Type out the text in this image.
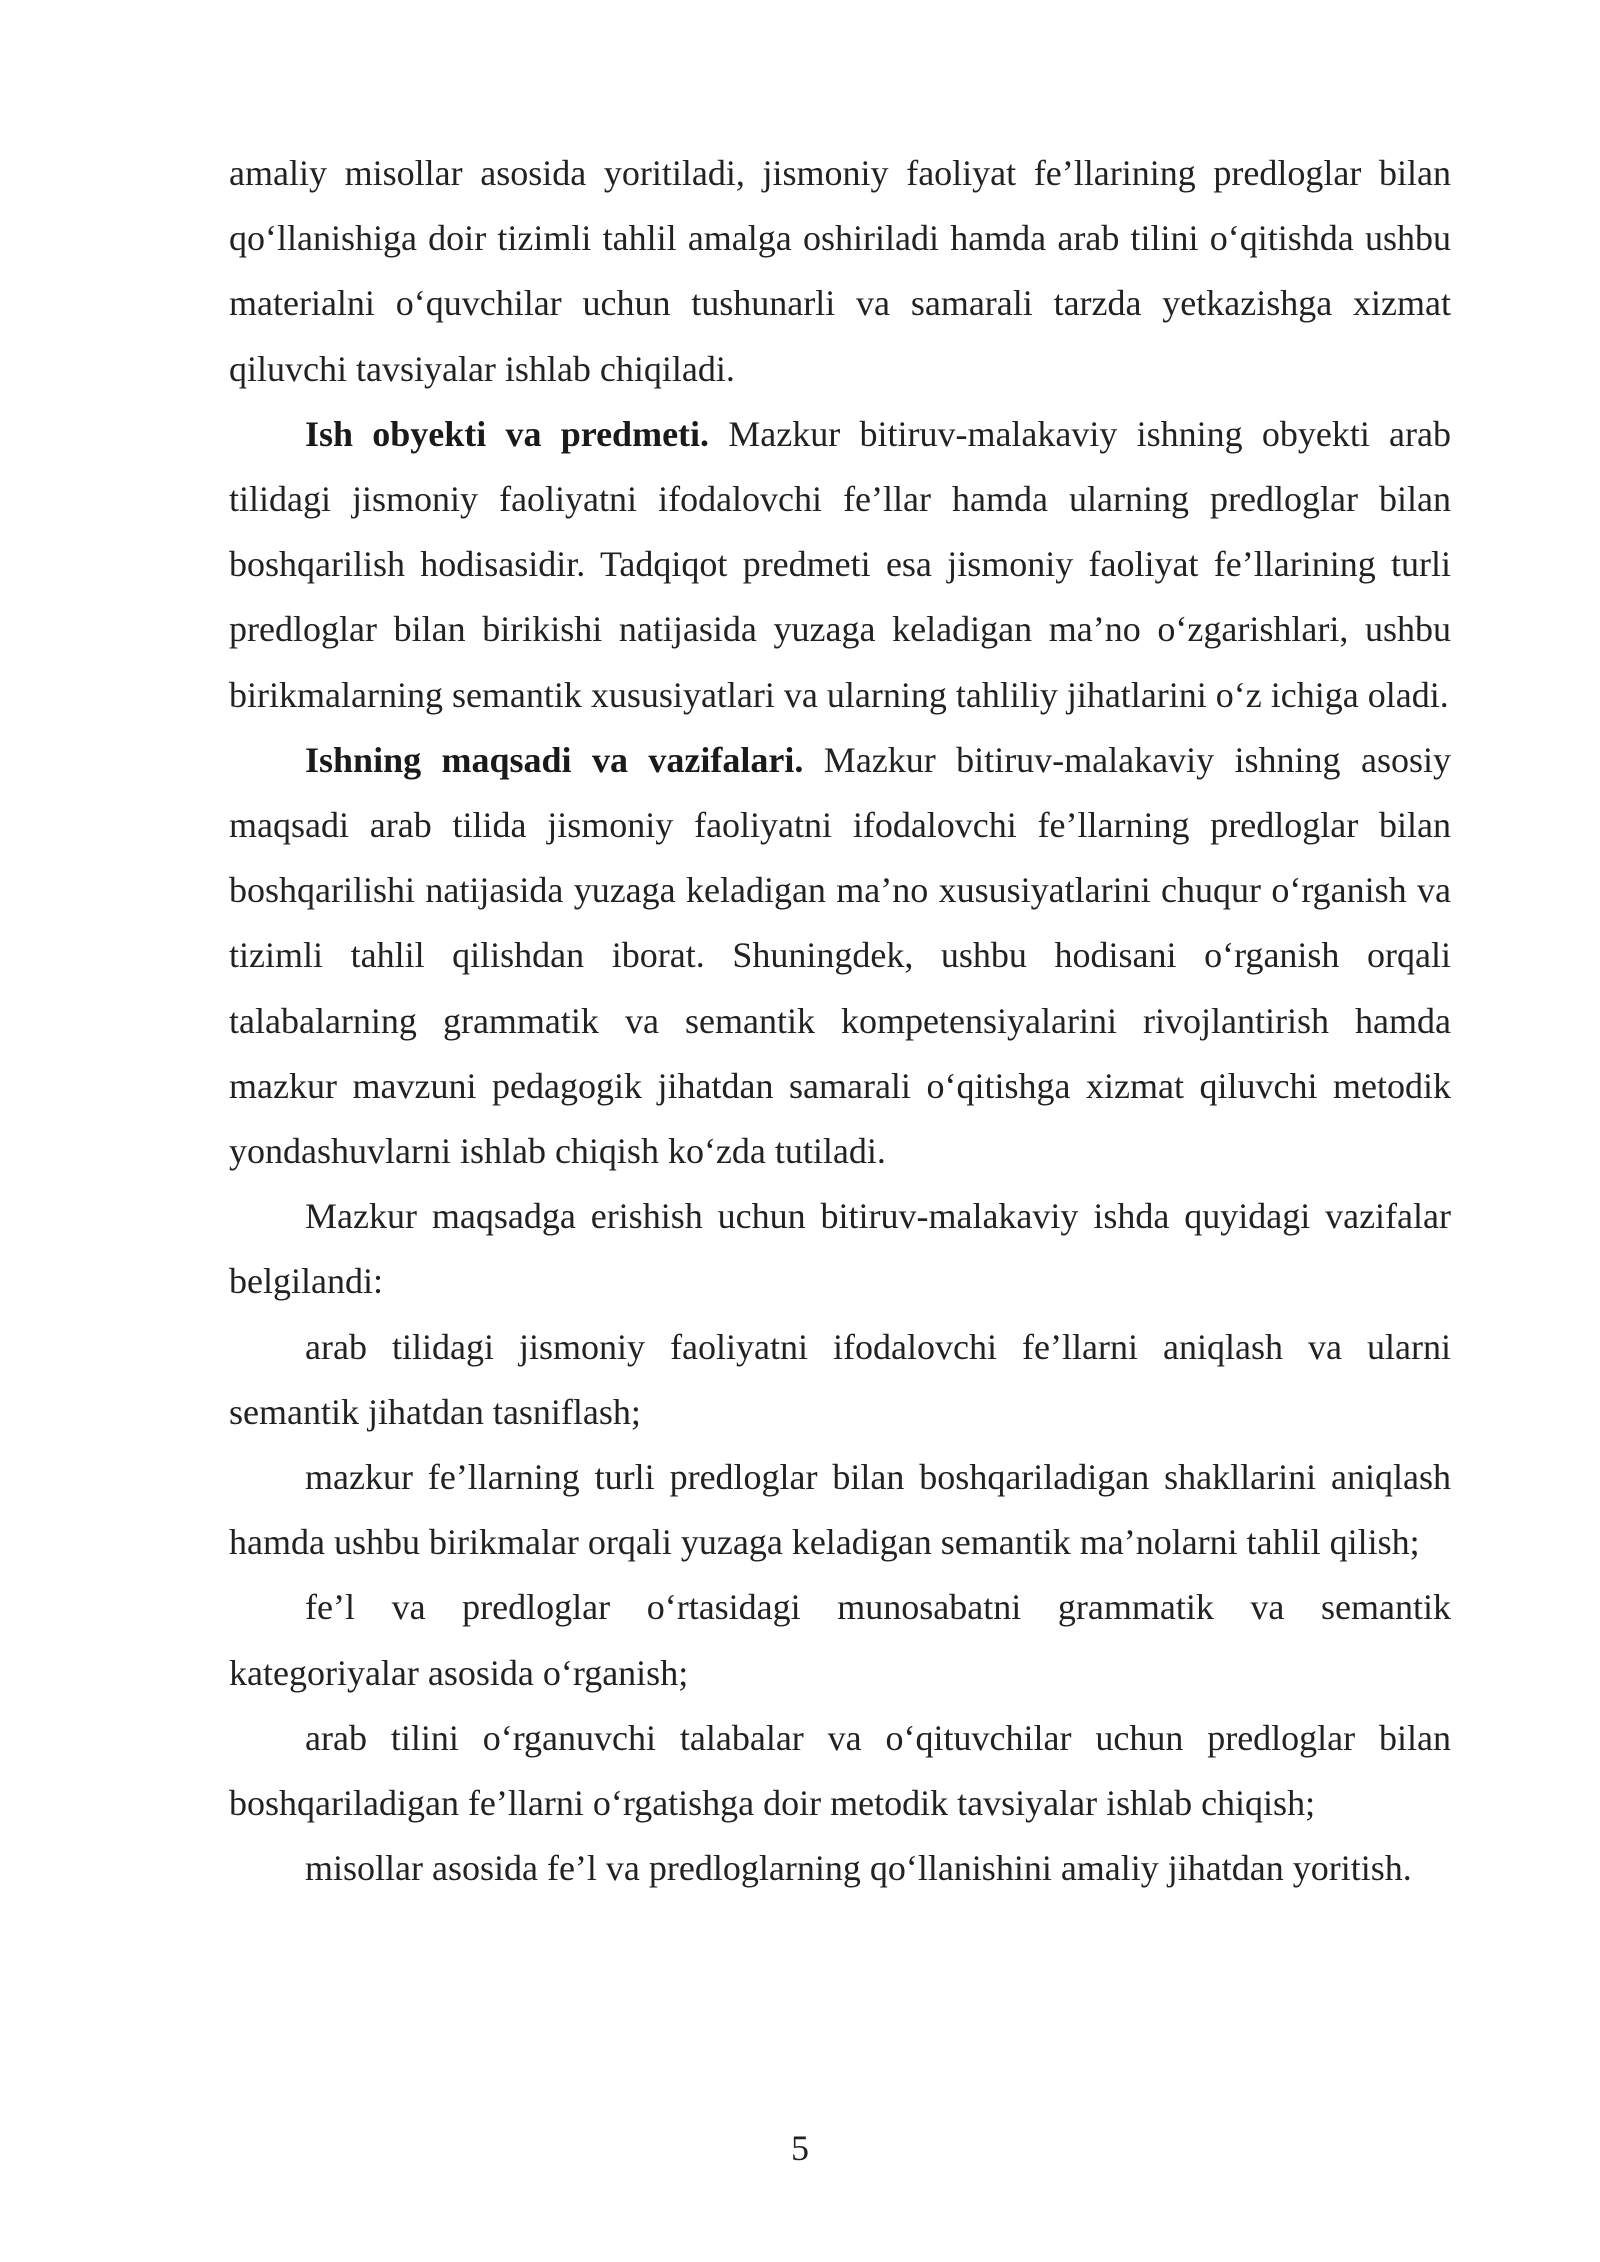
amaliy misollar asosida yoritiladi, jismoniy faoliyat fe’llarining predloglar bilan qo‘llanishiga doir tizimli tahlil amalga oshiriladi hamda arab tilini o‘qitishda ushbu materialni o‘quvchilar uchun tushunarli va samarali tarzda yetkazishga xizmat qiluvchi tavsiyalar ishlab chiqiladi.

Ish obyekti va predmeti. Mazkur bitiruv-malakaviy ishning obyekti arab tilidagi jismoniy faoliyatni ifodalovchi fe’llar hamda ularning predloglar bilan boshqarilish hodisasidir. Tadqiqot predmeti esa jismoniy faoliyat fe’llarining turli predloglar bilan birikishi natijasida yuzaga keladigan ma’no o‘zgarishlari, ushbu birikmalarning semantik xususiyatlari va ularning tahliliy jihatlarini o‘z ichiga oladi.

Ishning maqsadi va vazifalari. Mazkur bitiruv-malakaviy ishning asosiy maqsadi arab tilida jismoniy faoliyatni ifodalovchi fe’llarning predloglar bilan boshqarilishi natijasida yuzaga keladigan ma’no xususiyatlarini chuqur o‘rganish va tizimli tahlil qilishdan iborat. Shuningdek, ushbu hodisani o‘rganish orqali talabalarning grammatik va semantik kompetensiyalarini rivojlantirish hamda mazkur mavzuni pedagogik jihatdan samarali o‘qitishga xizmat qiluvchi metodik yondashuvlarni ishlab chiqish ko‘zda tutiladi.

Mazkur maqsadga erishish uchun bitiruv-malakaviy ishda quyidagi vazifalar belgilandi:

arab tilidagi jismoniy faoliyatni ifodalovchi fe’llarni aniqlash va ularni semantik jihatdan tasniflash;

mazkur fe’llarning turli predloglar bilan boshqariladigan shakllarini aniqlash hamda ushbu birikmalar orqali yuzaga keladigan semantik ma’nolarni tahlil qilish;

fe’l va predloglar o‘rtasidagi munosabatni grammatik va semantik kategoriyalar asosida o‘rganish;

arab tilini o‘rganuvchi talabalar va o‘qituvchilar uchun predloglar bilan boshqariladigan fe’llarni o‘rgatishga doir metodik tavsiyalar ishlab chiqish;

misollar asosida fe’l va predloglarning qo‘llanishini amaliy jihatdan yoritish.

5
